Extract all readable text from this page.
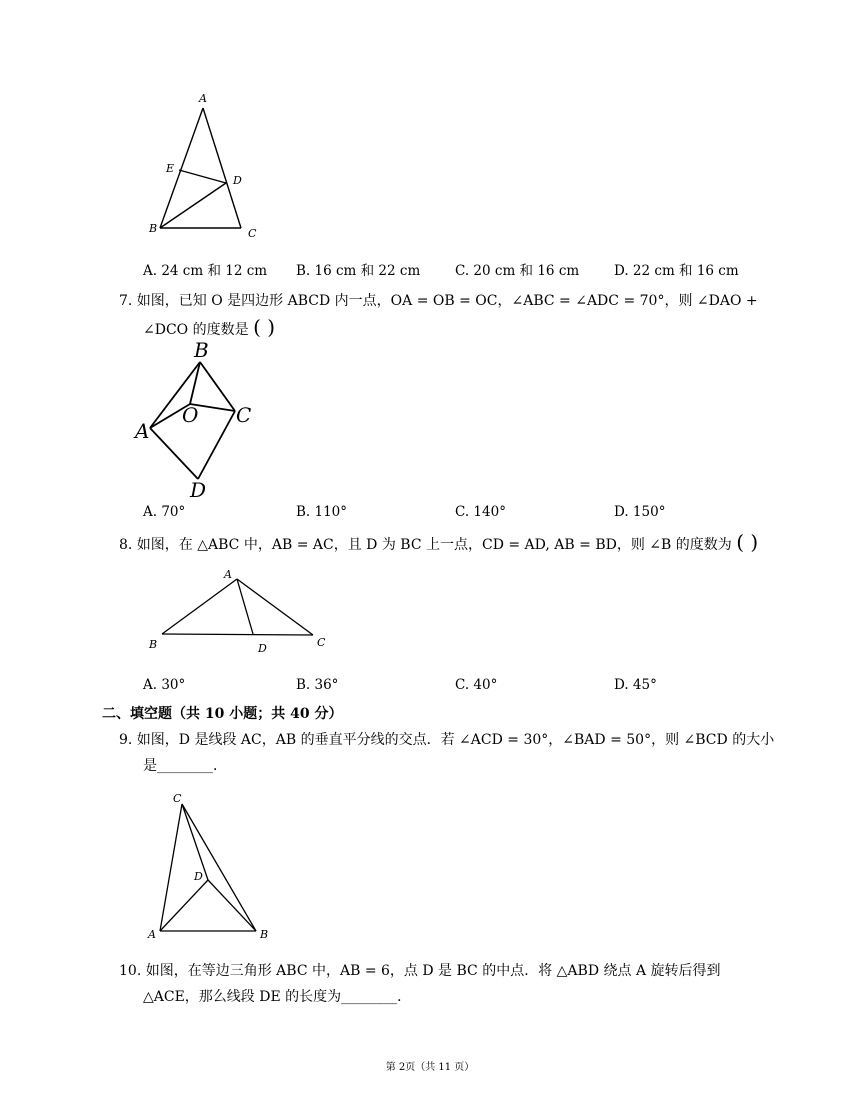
A
E
D
B	C
A. 24 cm 和 12 cm B. 16 cm 和 22 cm	C. 20 cm 和 16 cm	D. 22 cm 和 16 cm
7. 如图，已知 O 是四边形 ABCD 内一点，OA = OB = OC，∠ABC = ∠ADC = 70°，则 ∠DAO +
∠DCO 的度数是 ( )
B
O C
A
D
A. 70°	B. 110°	C. 140°	D. 150°
8. 如图，在 △ABC 中，AB = AC，且 D 为 BC 上一点，CD = AD, AB = BD，则 ∠B 的度数为 ( )
A
B	D	C
A. 30°	B. 36°	C. 40°	D. 45°
二、填空题（共 10 小题；共 40 分）
9. 如图，D 是线段 AC，AB 的垂直平分线的交点．若 ∠ACD = 30°，∠BAD = 50°，则 ∠BCD 的大小
是________．
C
D
A	B
10. 如图，在等边三角形 ABC 中，AB = 6，点 D 是 BC 的中点．将 △ABD 绕点 A 旋转后得到
△ACE，那么线段 DE 的长度为________．
第 2页（共 11 页）
